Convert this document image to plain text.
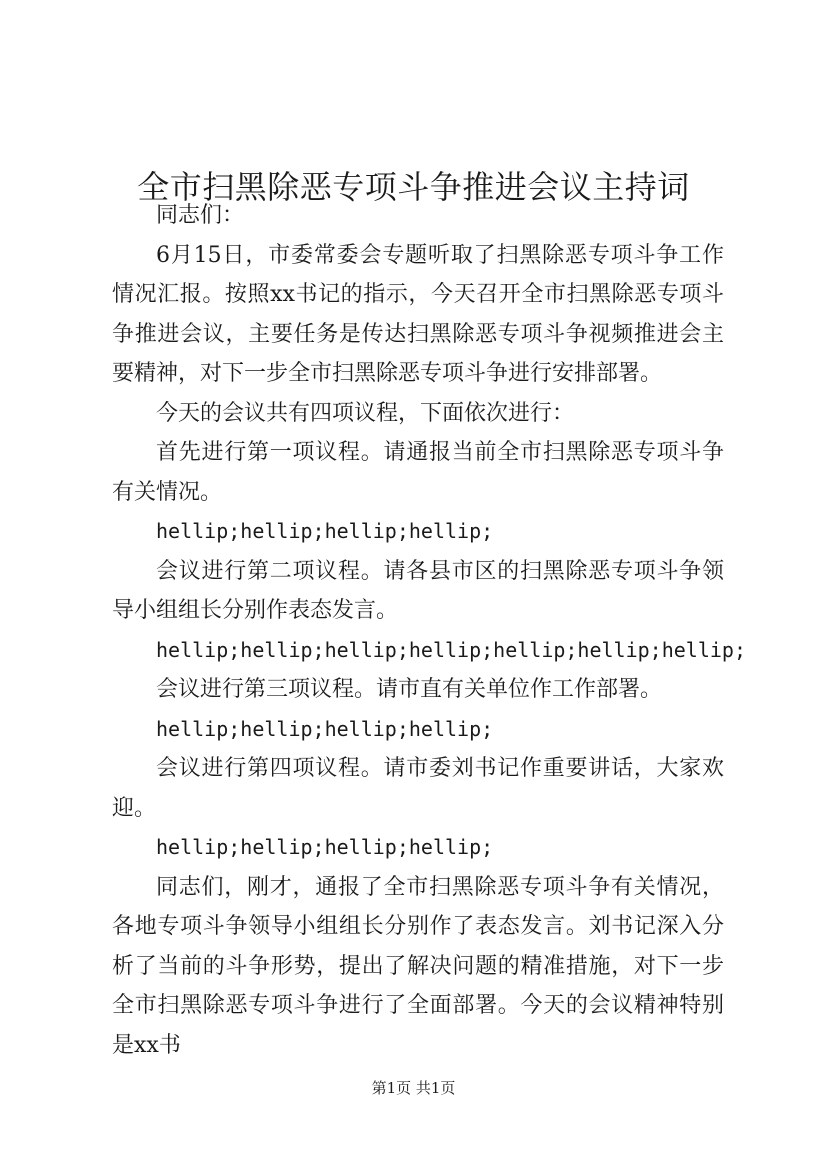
全市扫黑除恶专项斗争推进会议主持词

同志们：

6月15日，市委常委会专题听取了扫黑除恶专项斗争工作情况汇报。按照xx书记的指示，今天召开全市扫黑除恶专项斗争推进会议，主要任务是传达扫黑除恶专项斗争视频推进会主要精神，对下一步全市扫黑除恶专项斗争进行安排部署。

今天的会议共有四项议程，下面依次进行：

首先进行第一项议程。请通报当前全市扫黑除恶专项斗争有关情况。

hellip;hellip;hellip;hellip;

会议进行第二项议程。请各县市区的扫黑除恶专项斗争领导小组组长分别作表态发言。

hellip;hellip;hellip;hellip;hellip;hellip;hellip;

会议进行第三项议程。请市直有关单位作工作部署。

hellip;hellip;hellip;hellip;

会议进行第四项议程。请市委刘书记作重要讲话，大家欢迎。

hellip;hellip;hellip;hellip;

同志们，刚才，通报了全市扫黑除恶专项斗争有关情况，各地专项斗争领导小组组长分别作了表态发言。刘书记深入分析了当前的斗争形势，提出了解决问题的精准措施，对下一步全市扫黑除恶专项斗争进行了全面部署。今天的会议精神特别是xx书

第1页 共1页
